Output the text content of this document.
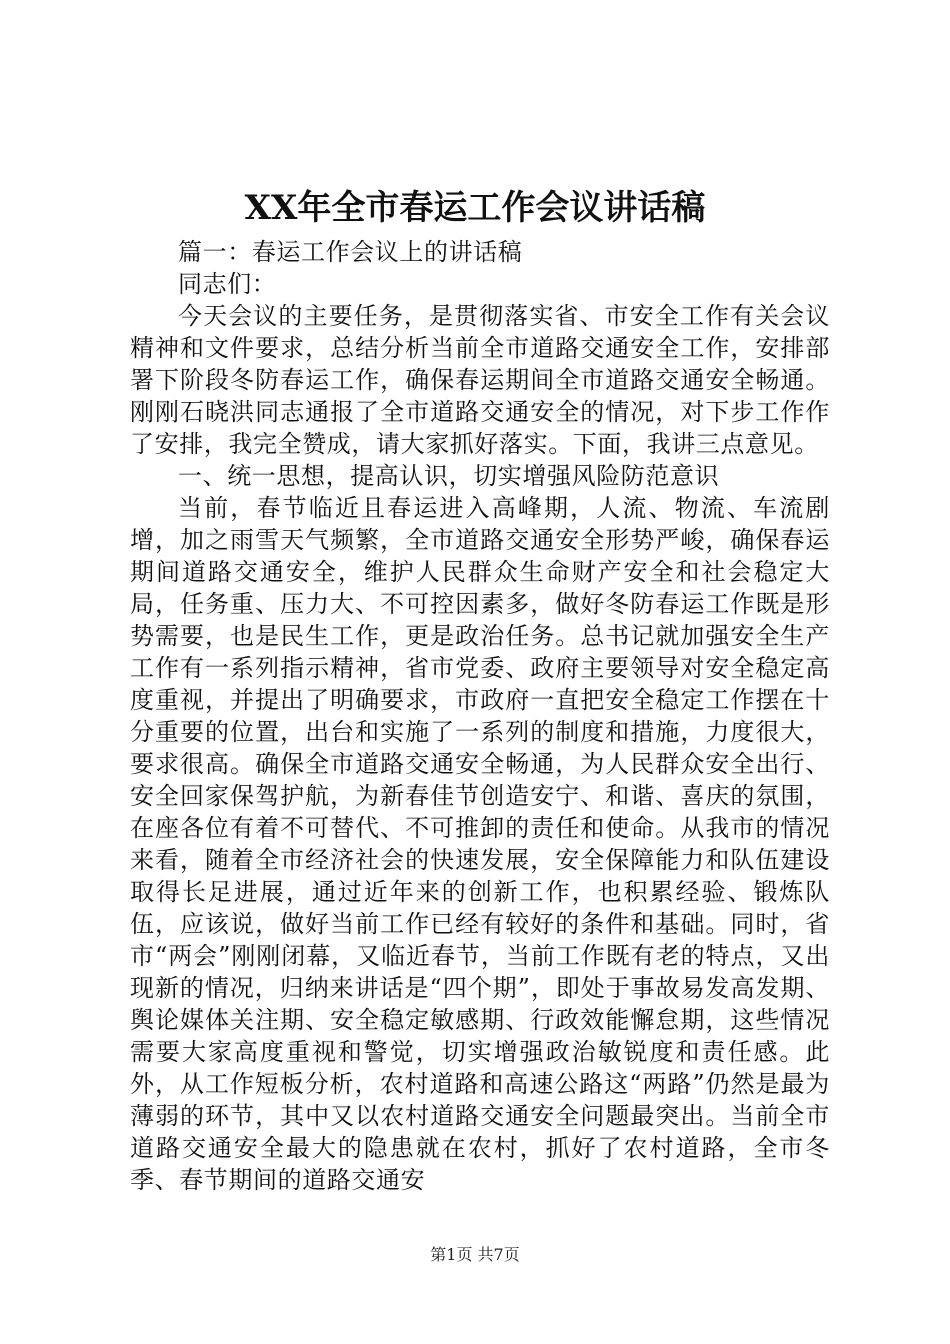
XX年全市春运工作会议讲话稿

篇一：春运工作会议上的讲话稿

同志们：

今天会议的主要任务，是贯彻落实省、市安全工作有关会议精神和文件要求，总结分析当前全市道路交通安全工作，安排部署下阶段冬防春运工作，确保春运期间全市道路交通安全畅通。刚刚石晓洪同志通报了全市道路交通安全的情况，对下步工作作了安排，我完全赞成，请大家抓好落实。下面，我讲三点意见。

一、统一思想，提高认识，切实增强风险防范意识

当前，春节临近且春运进入高峰期，人流、物流、车流剧增，加之雨雪天气频繁，全市道路交通安全形势严峻，确保春运期间道路交通安全，维护人民群众生命财产安全和社会稳定大局，任务重、压力大、不可控因素多，做好冬防春运工作既是形势需要，也是民生工作，更是政治任务。总书记就加强安全生产工作有一系列指示精神，省市党委、政府主要领导对安全稳定高度重视，并提出了明确要求，市政府一直把安全稳定工作摆在十分重要的位置，出台和实施了一系列的制度和措施，力度很大，要求很高。确保全市道路交通安全畅通，为人民群众安全出行、安全回家保驾护航，为新春佳节创造安宁、和谐、喜庆的氛围，在座各位有着不可替代、不可推卸的责任和使命。从我市的情况来看，随着全市经济社会的快速发展，安全保障能力和队伍建设取得长足进展，通过近年来的创新工作，也积累经验、锻炼队伍，应该说，做好当前工作已经有较好的条件和基础。同时，省市“两会”刚刚闭幕，又临近春节，当前工作既有老的特点，又出现新的情况，归纳来讲话是“四个期”，即处于事故易发高发期、舆论媒体关注期、安全稳定敏感期、行政效能懈怠期，这些情况需要大家高度重视和警觉，切实增强政治敏锐度和责任感。此外，从工作短板分析，农村道路和高速公路这“两路”仍然是最为薄弱的环节，其中又以农村道路交通安全问题最突出。当前全市道路交通安全最大的隐患就在农村，抓好了农村道路，全市冬季、春节期间的道路交通安

第1页 共7页
